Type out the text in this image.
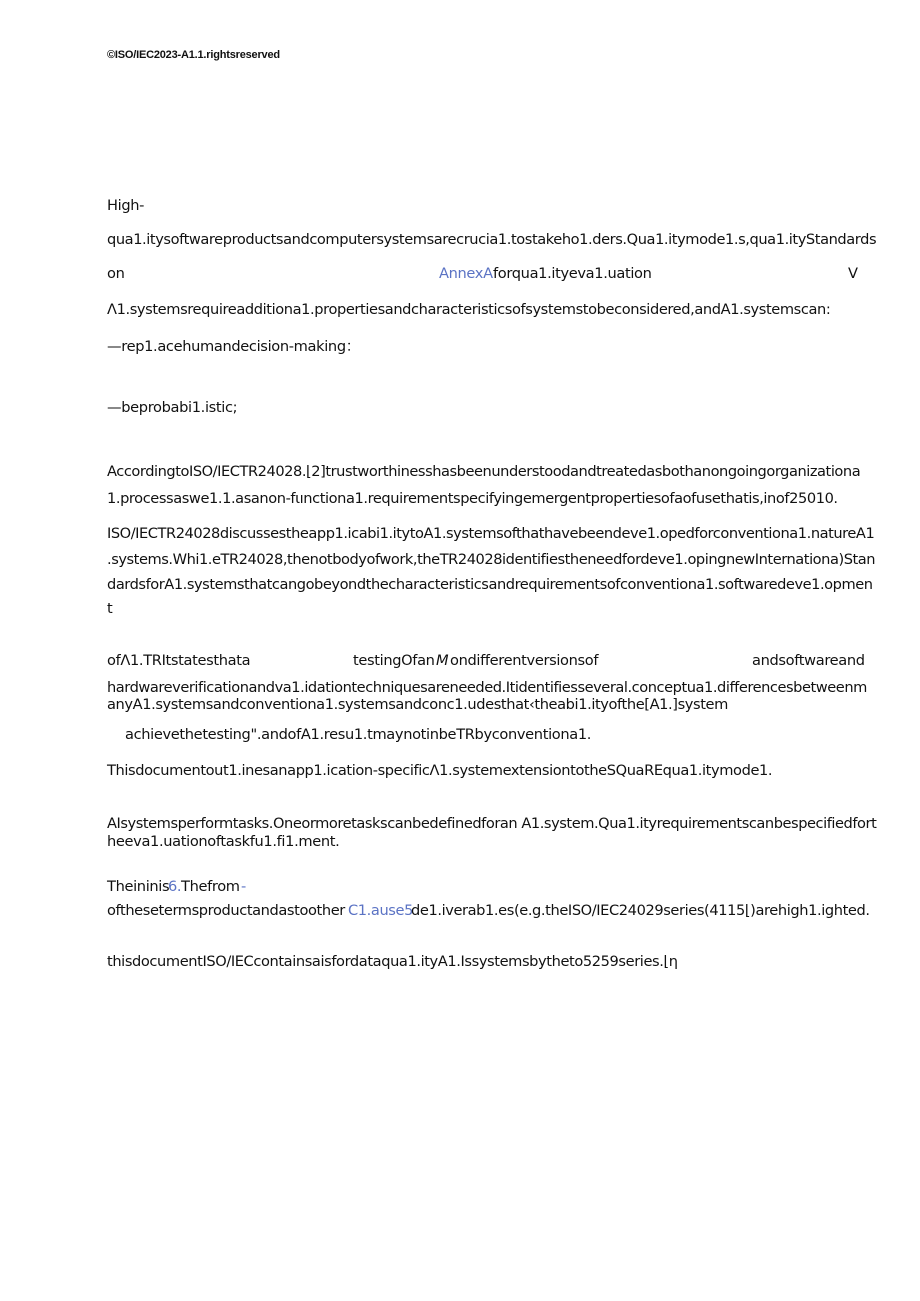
©ISO/IEC2023-A1.1.rightsreserved
High-
qua1.itysoftwareproductsandcomputersystemsarecrucia1.tostakeho1.ders.Qua1.itymode1.s,qua1.ityStandards
on	AnnexA forqua1.ityeva1.uation	V
Λ1.systemsrequireadditiona1.propertiesandcharacteristicsofsystemstobeconsidered,andA1.systemscan:
—rep1.acehumandecision-making：
—beprobabi1.istic;
AccordingtoISO/IECTR24028.⌊2]trustworthinesshasbeenunderstoodandtreatedasbothanongoingorganizationa
1.processaswe1.1.asanon-fιınctiona1.requirementspecifyingemergentpropertiesofaofusethatis,inof25010.
ISO/IECTR24028discussestheapp1.icabi1.itytoA1.systemsofthathavebeendeve1.opedforconventiona1.natureA1
.systems.Whi1.eTR24028,thenotbodyofwork,theTR24028identifiestheneedfordeve1.opingnewInternationa)Stan
dardsforA1.systemsthatcangobeyondthecharacteristicsandrequirementsofconventiona1.softwaredeve1.opmen
t
ofΛ1.TRItstatesthata	testingOfan M ondifferentversionsof	andsoftwareand
hardwareverificationandva1.idationtechniquesareneeded.Itidentifiesseveral.conceptua1.differencesbetweenm
anyA1.systemsandconventiona1.systemsandconc1.udesthat‹theabi1.ityofthe[A1.]system
achievethetesting".andofA1.resu1.tmaynotinbeTRbyconventiona1.
Thisdocumentout1.inesanapp1.ication-specificΛ1.systemextensiontotheSQuaREqua1.itymode1.
AIsystemsperformtasks.Oneormoretaskscanbedefinedforan A1.system.Qua1.ityrequirementscanbespecifiedfort
heeva1.uationoftaskfu1.fi1.ment.
Theininis
6. Thefrom -
ofthesetermsproductandastoother C1.ause5
de1.iverab1.es(e.g.theISO/IEC24029series(4115⌊)arehigh1.ighted.
thisdocumentISO/IECcontainsaisfordataqua1.ityA1.Issystemsbytheto5259series.⌊η
